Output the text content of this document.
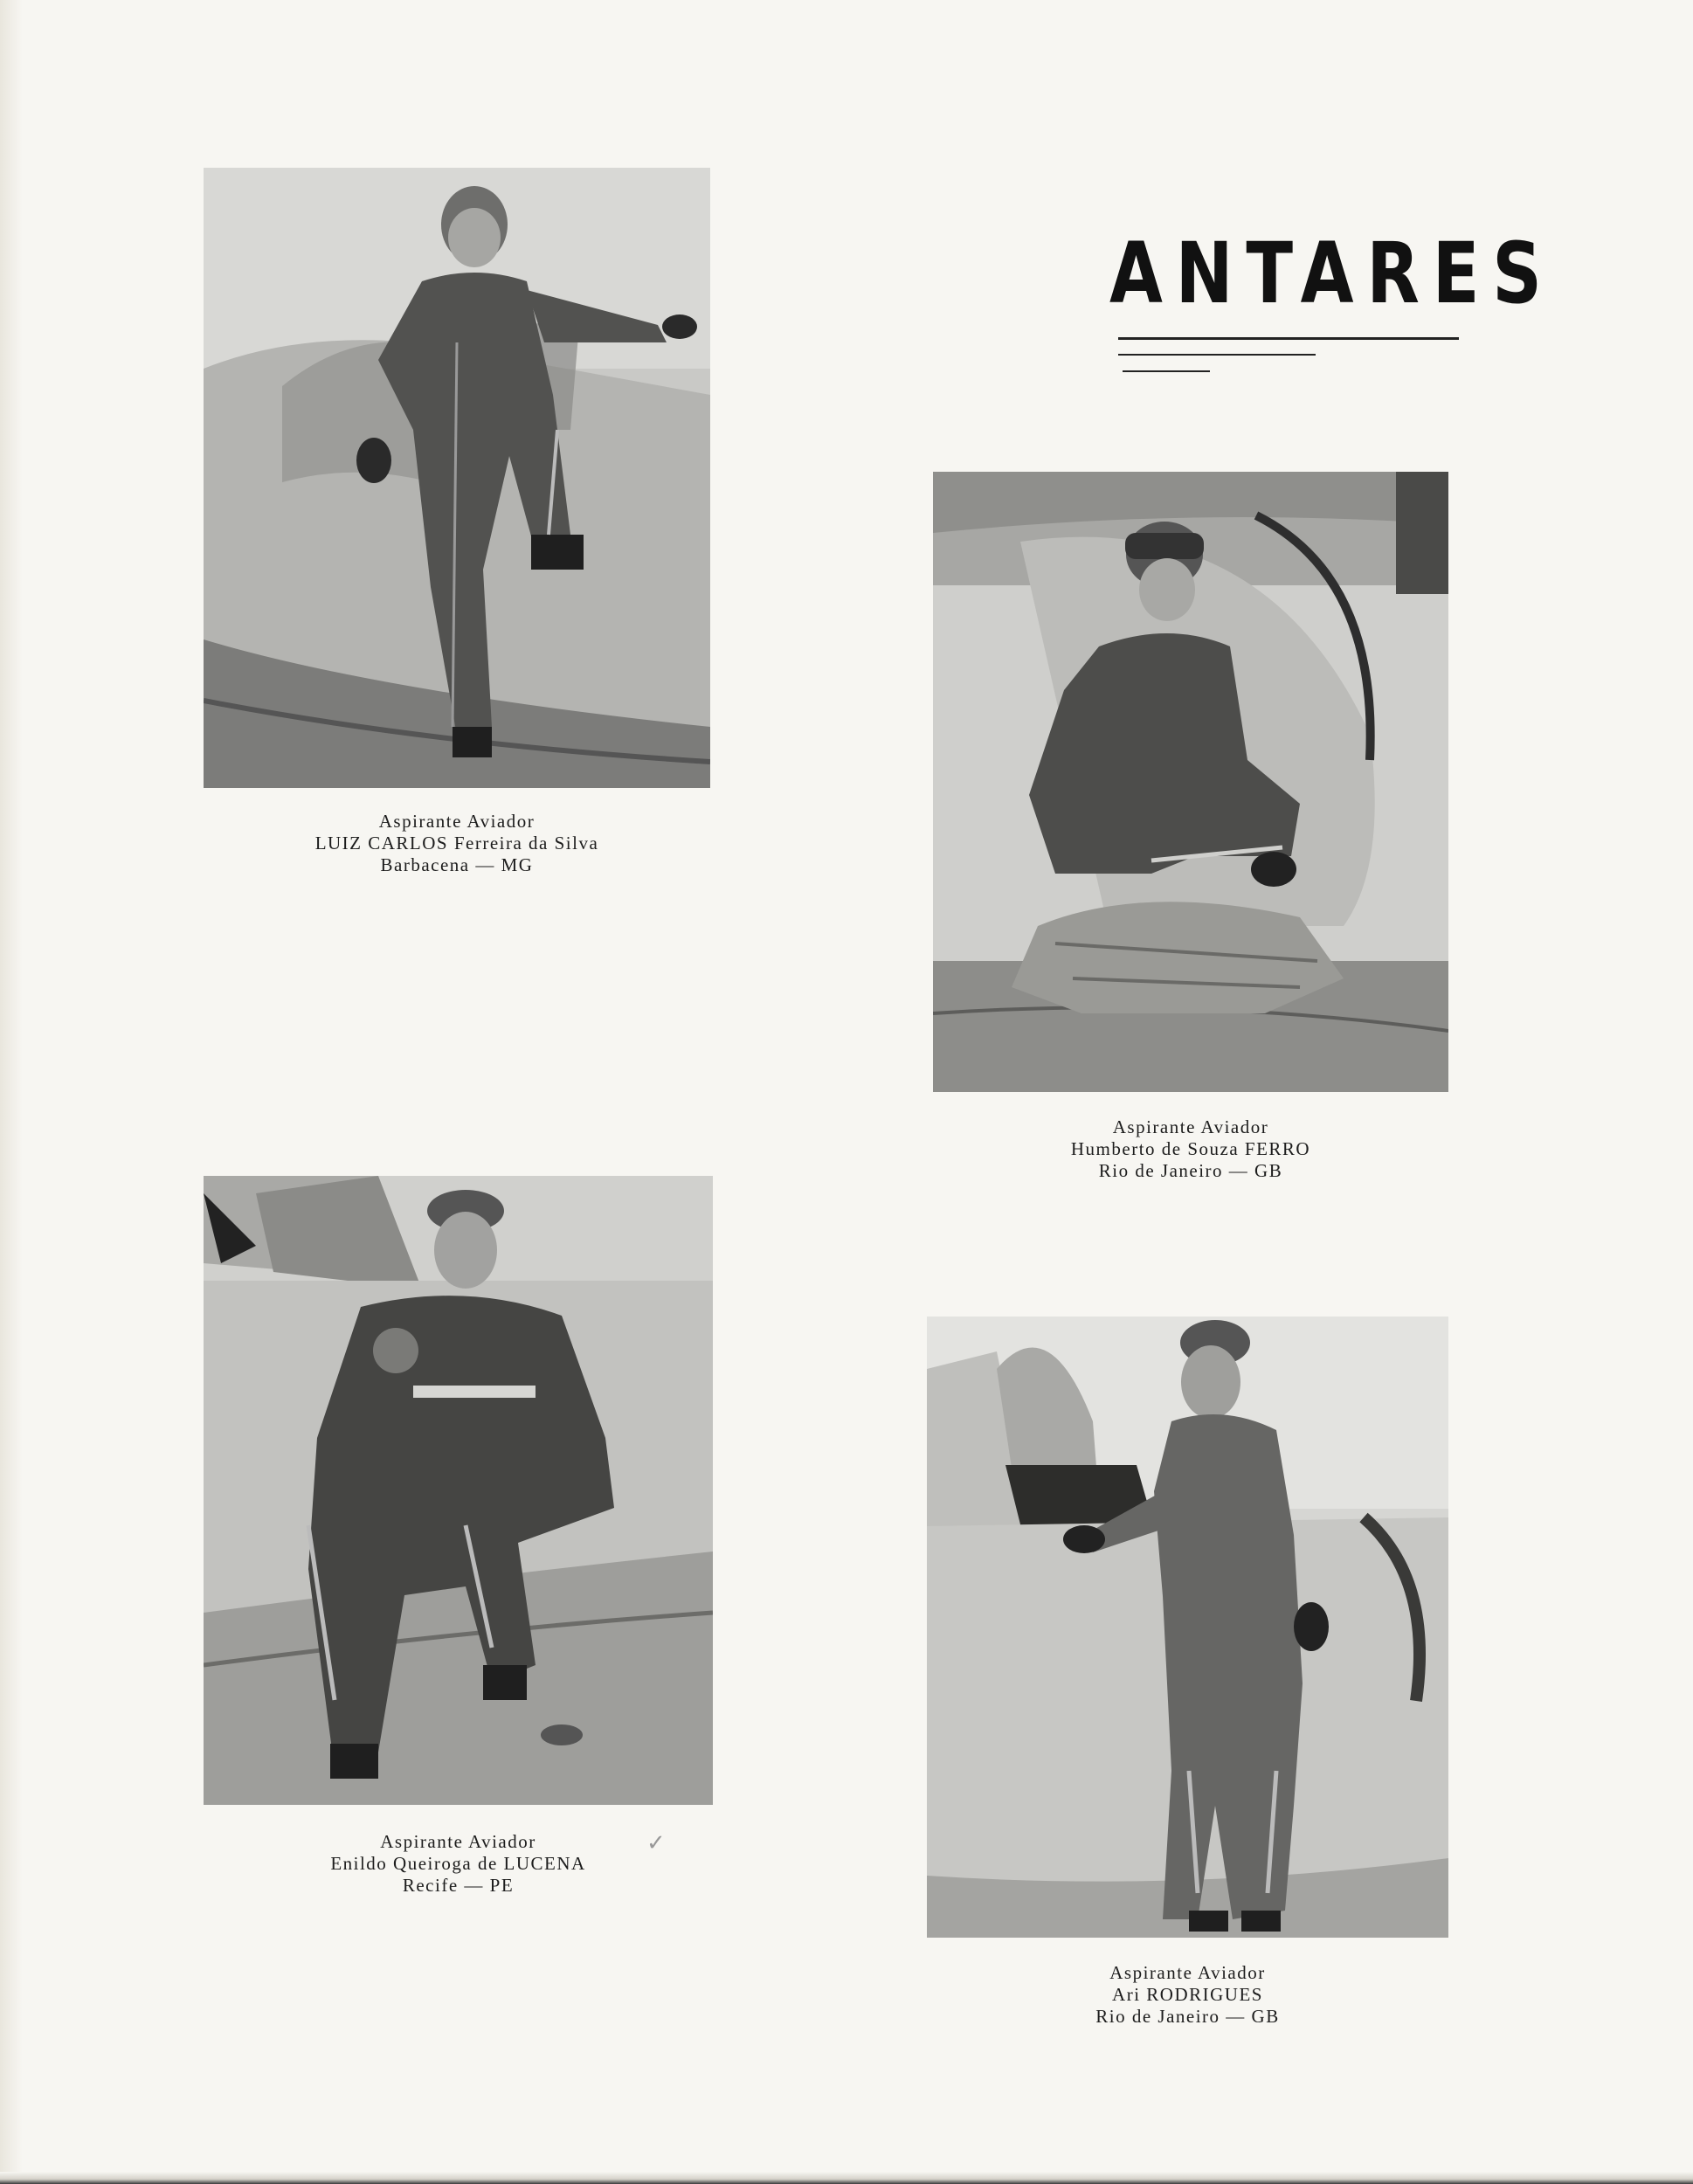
ANTARES
Aspirante Aviador
LUIZ CARLOS Ferreira da Silva
Barbacena — MG
Aspirante Aviador
Humberto de Souza FERRO
Rio de Janeiro — GB
Aspirante Aviador
Enildo Queiroga de LUCENA
Recife — PE
✓
Aspirante Aviador
Ari RODRIGUES
Rio de Janeiro — GB
